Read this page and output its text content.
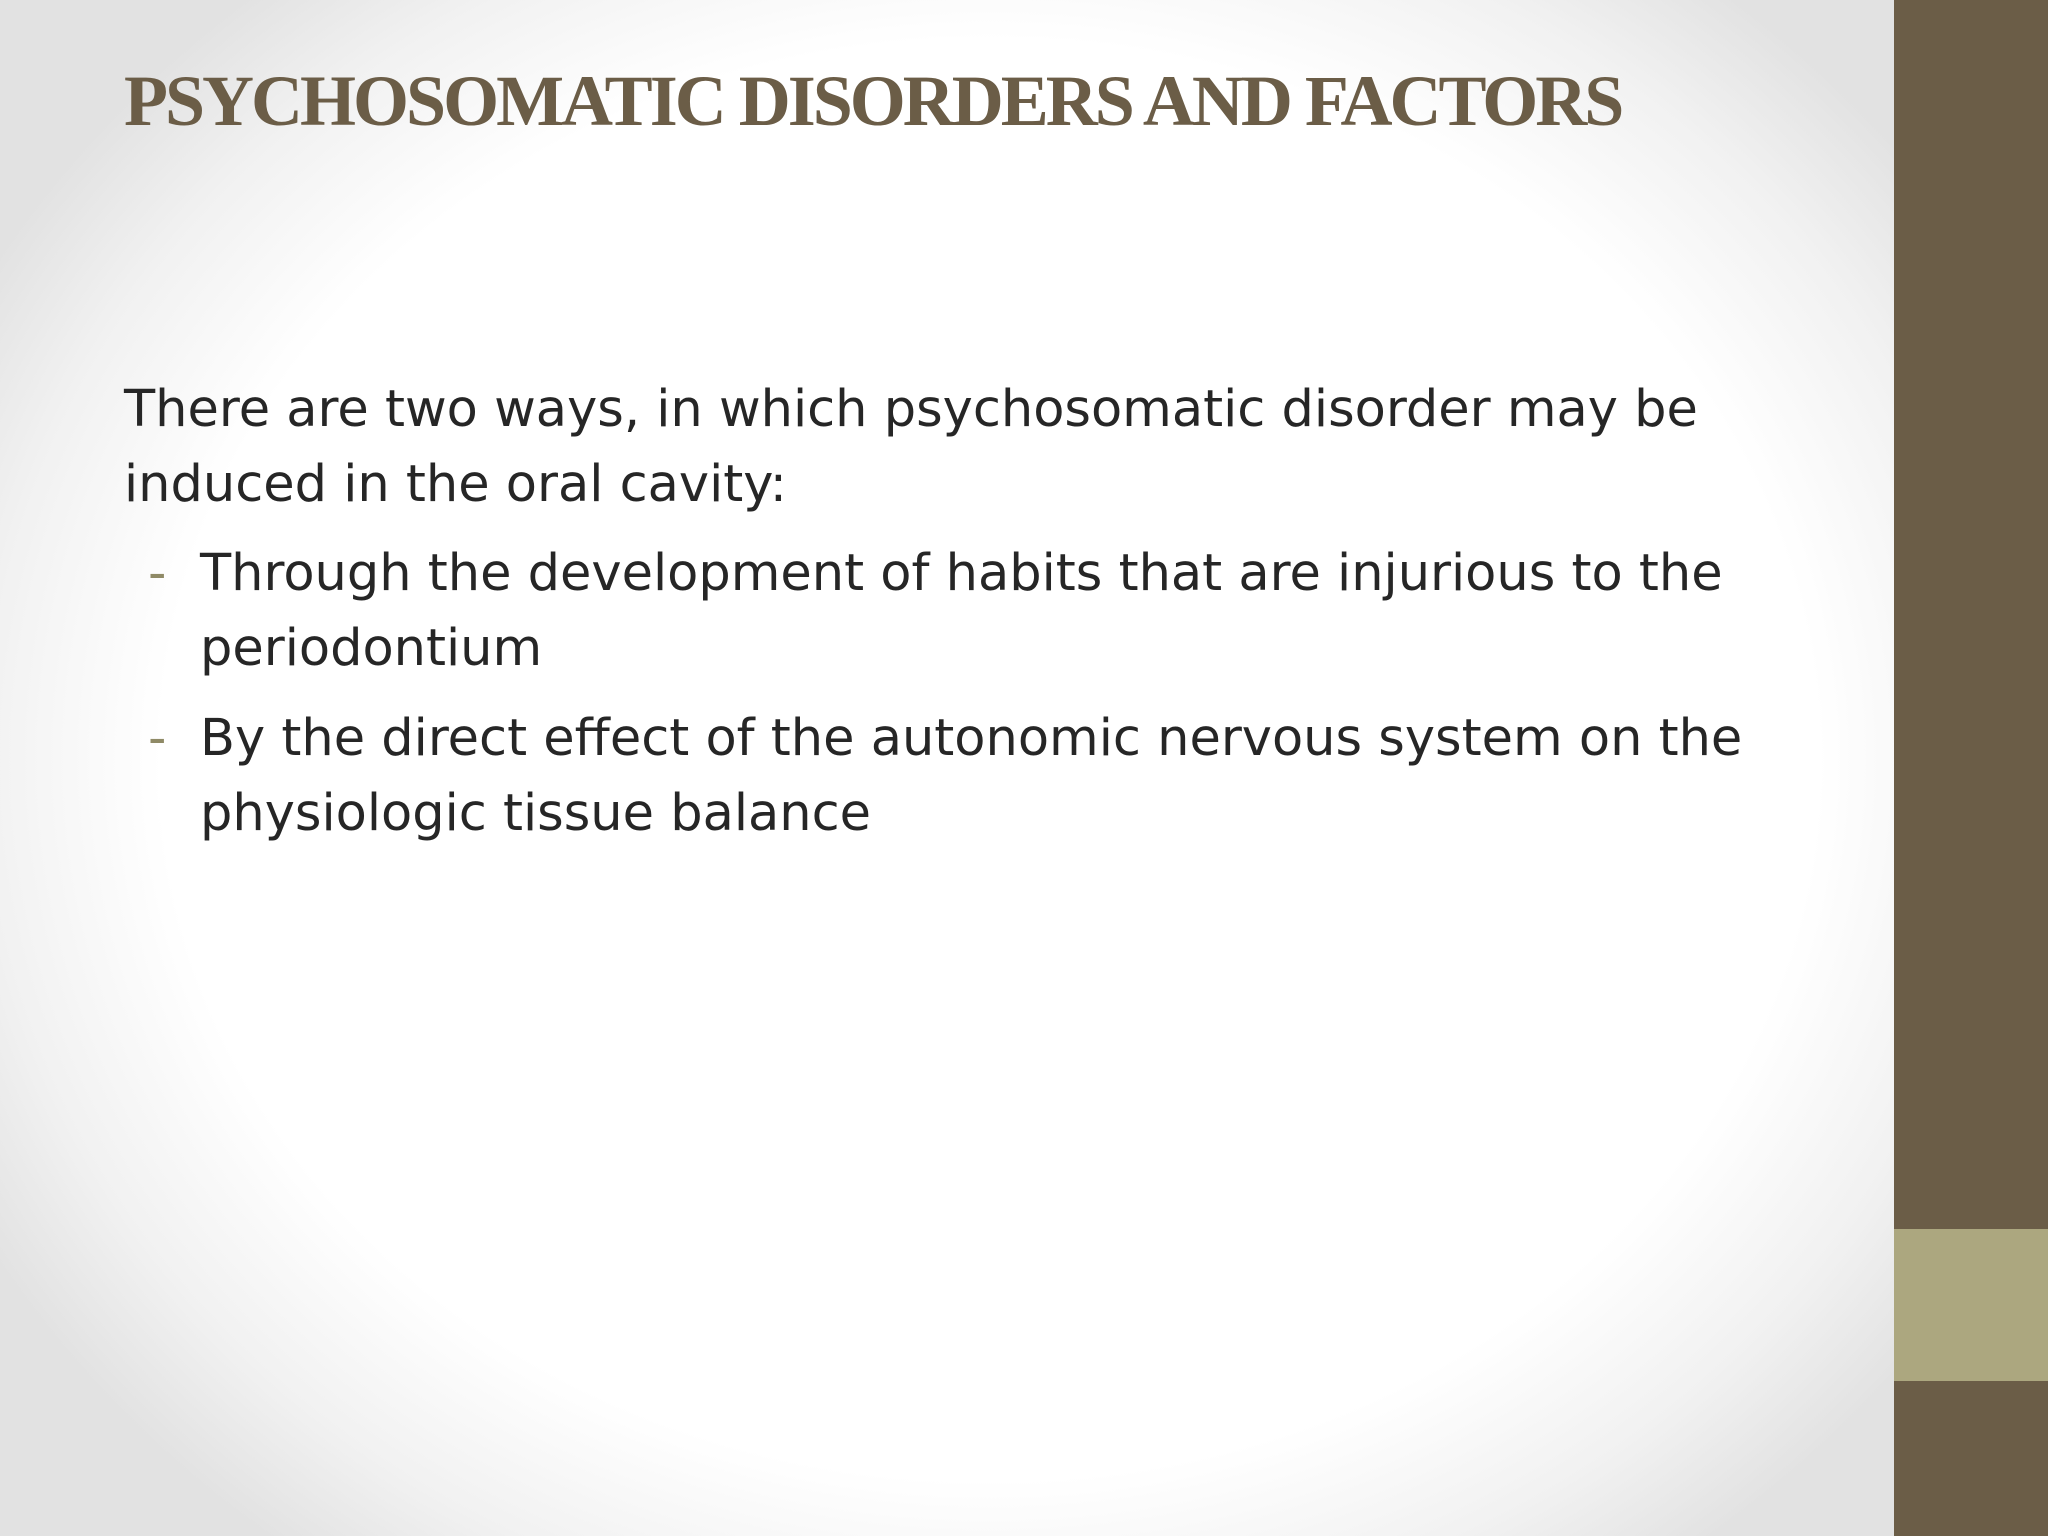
PSYCHOSOMATIC DISORDERS AND FACTORS

There are two ways, in which psychosomatic disorder may be induced in the oral cavity:

- Through the development of habits that are injurious to the periodontium
- By the direct effect of the autonomic nervous system on the physiologic tissue balance
